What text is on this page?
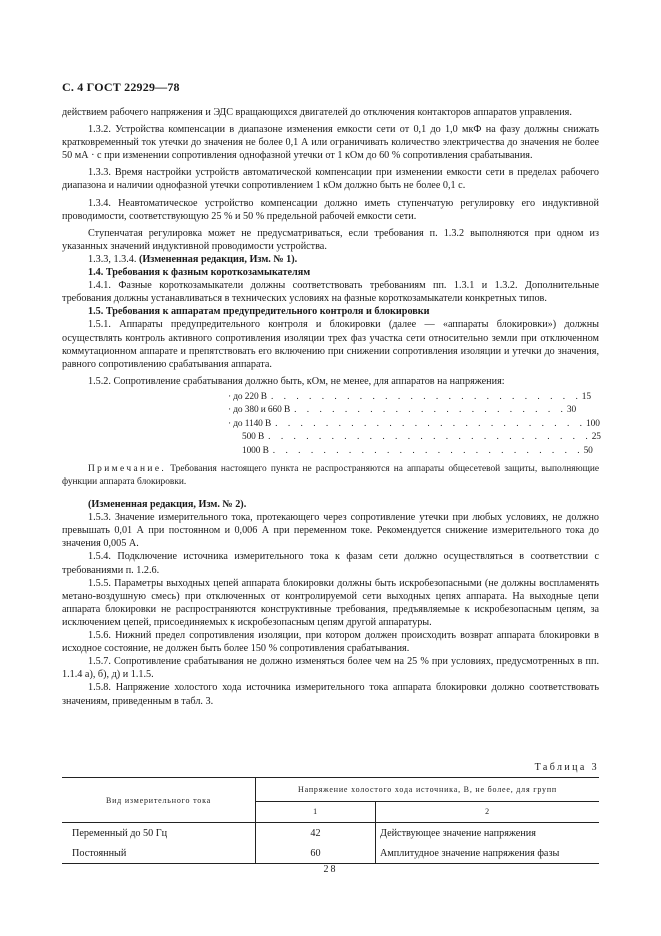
С. 4 ГОСТ 22929—78

действием рабочего напряжения и ЭДС вращающихся двигателей до отключения контакторов аппаратов управления.

1.3.2. Устройства компенсации в диапазоне изменения емкости сети от 0,1 до 1,0 мкФ на фазу должны снижать кратковременный ток утечки до значения не более 0,1 А или ограничивать количество электричества до значения не более 50 мА · с при изменении сопротивления однофазной утечки от 1 кОм до 60 % сопротивления срабатывания.

1.3.3. Время настройки устройств автоматической компенсации при изменении емкости сети в пределах рабочего диапазона и наличии однофазной утечки сопротивлением 1 кОм должно быть не более 0,1 с.

1.3.4. Неавтоматическое устройство компенсации должно иметь ступенчатую регулировку его индуктивной проводимости, соответствующую 25 % и 50 % предельной рабочей емкости сети.

Ступенчатая регулировка может не предусматриваться, если требования п. 1.3.2 выполняются при одном из указанных значений индуктивной проводимости устройства.

1.3.3, 1.3.4. (Измененная редакция, Изм. № 1).

1.4. Требования к фазным короткозамыкателям

1.4.1. Фазные короткозамыкатели должны соответствовать требованиям пп. 1.3.1 и 1.3.2. Дополнительные требования должны устанавливаться в технических условиях на фазные короткозамыкатели конкретных типов.

1.5. Требования к аппаратам предупредительного контроля и блокировки

1.5.1. Аппараты предупредительного контроля и блокировки (далее — «аппараты блокировки») должны осуществлять контроль активного сопротивления изоляции трех фаз участка сети относительно земли при отключенном коммутационном аппарате и препятствовать его включению при снижении сопротивления изоляции и утечки до значения, равного сопротивлению срабатывания аппарата.

1.5.2. Сопротивление срабатывания должно быть, кОм, не менее, для аппаратов на напряжения:

· до 220 В . . . . . . . . . . . . . . . . . . . . . . . . . 15
· до 380 и 660 В . . . . . . . . . . . . . . . . . . . . . . 30
· до 1140 В . . . . . . . . . . . . . . . . . . . . . . . . . 100
500 В . . . . . . . . . . . . . . . . . . . . . . . . . . 25
1000 В . . . . . . . . . . . . . . . . . . . . . . . . . 50

Примечание. Требования настоящего пункта не распространяются на аппараты общесетевой защиты, выполняющие функции аппарата блокировки.

(Измененная редакция, Изм. № 2).

1.5.3. Значение измерительного тока, протекающего через сопротивление утечки при любых условиях, не должно превышать 0,01 А при постоянном и 0,006 А при переменном токе. Рекомендуется снижение измерительного тока до значения 0,005 А.

1.5.4. Подключение источника измерительного тока к фазам сети должно осуществляться в соответствии с требованиями п. 1.2.6.

1.5.5. Параметры выходных цепей аппарата блокировки должны быть искробезопасными (не должны воспламенять метано-воздушную смесь) при отключенных от контролируемой сети выходных цепях аппарата. На выходные цепи аппарата блокировки не распространяются конструктивные требования, предъявляемые к искробезопасным цепям, за исключением цепей, присоединяемых к искробезопасным цепям другой аппаратуры.

1.5.6. Нижний предел сопротивления изоляции, при котором должен происходить возврат аппарата блокировки в исходное состояние, не должен быть более 150 % сопротивления срабатывания.

1.5.7. Сопротивление срабатывания не должно изменяться более чем на 25 % при условиях, предусмотренных в пп. 1.1.4 а), б), д) и 1.1.5.

1.5.8. Напряжение холостого хода источника измерительного тока аппарата блокировки должно соответствовать значениям, приведенным в табл. 3.

Таблица 3
Вид измерительного тока	Напряжение холостого хода источника, В, не более, для групп	
	1	2
Переменный до 50 Гц	42	Действующее значение напряжения
Постоянный	60	Амплитудное значение напряжения фазы
28
